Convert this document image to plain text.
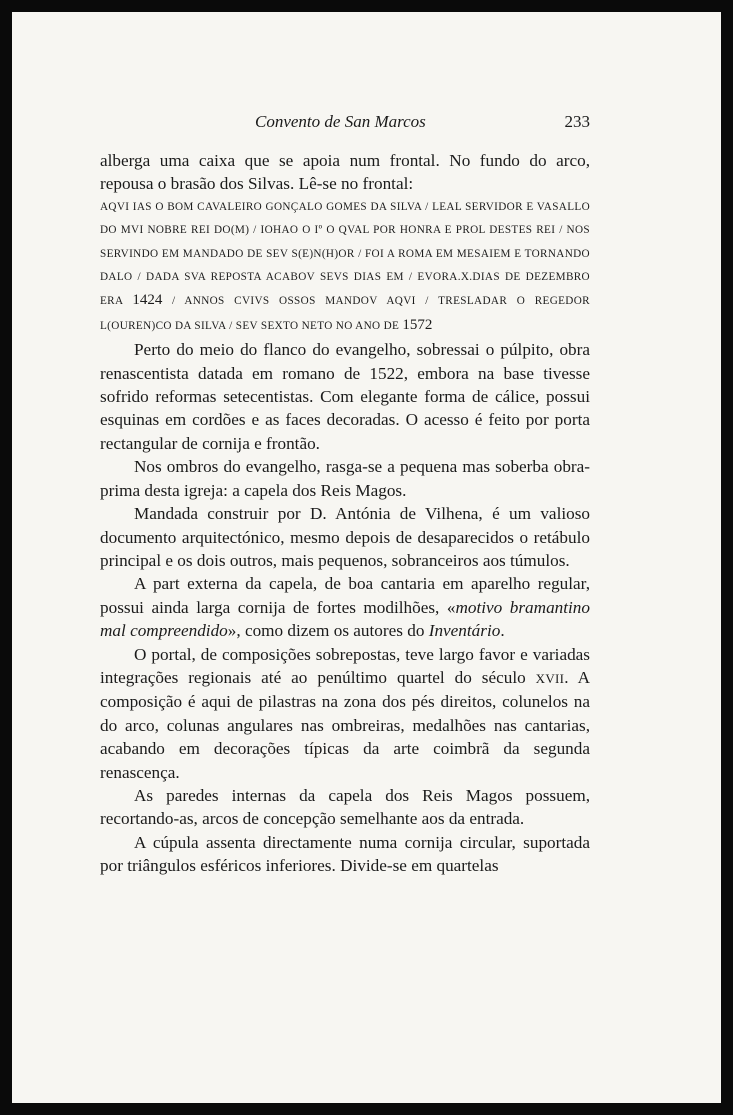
Convento de San Marcos	233

alberga uma caixa que se apoia num frontal. No fundo do arco, repousa o brasão dos Silvas. Lê-se no frontal:

AQVI IAS O BOM CAVALEIRO GONÇALO GOMES DA SILVA / LEAL SERVIDOR E VASALLO DO MVI NOBRE REI DO(M) / IOHAO O Iº O QVAL POR HONRA E PROL DESTES REI / NOS SERVINDO EM MANDADO DE SEV S(E)N(H)OR / FOI A ROMA EM MESAIEM E TORNANDO DALO / DADA SVA REPOSTA ACABOV SEVS DIAS EM / EVORA.X.DIAS DE DEZEMBRO ERA 1424 / ANNOS CVIVS OSSOS MANDOV AQVI / TRESLADAR O REGEDOR L(OUREN)CO DA SILVA / SEV SEXTO NETO NO ANO DE 1572

Perto do meio do flanco do evangelho, sobressai o púlpito, obra renascentista datada em romano de 1522, embora na base tivesse sofrido reformas setecentistas. Com elegante forma de cálice, possui esquinas em cordões e as faces decoradas. O acesso é feito por porta rectangular de cornija e frontão.

Nos ombros do evangelho, rasga-se a pequena mas soberba obra-prima desta igreja: a capela dos Reis Magos.

Mandada construir por D. Antónia de Vilhena, é um valioso documento arquitectónico, mesmo depois de desaparecidos o retábulo principal e os dois outros, mais pequenos, sobranceiros aos túmulos.

A part externa da capela, de boa cantaria em aparelho regular, possui ainda larga cornija de fortes modilhões, «motivo bramantino mal compreendido», como dizem os autores do Inventário.

O portal, de composições sobrepostas, teve largo favor e variadas integrações regionais até ao penúltimo quartel do século XVII. A composição é aqui de pilastras na zona dos pés direitos, colunelos na do arco, colunas angulares nas ombreiras, medalhões nas cantarias, acabando em decorações típicas da arte coimbrã da segunda renascença.

As paredes internas da capela dos Reis Magos possuem, recortando-as, arcos de concepção semelhante aos da entrada.

A cúpula assenta directamente numa cornija circular, suportada por triângulos esféricos inferiores. Divide-se em quartelas
